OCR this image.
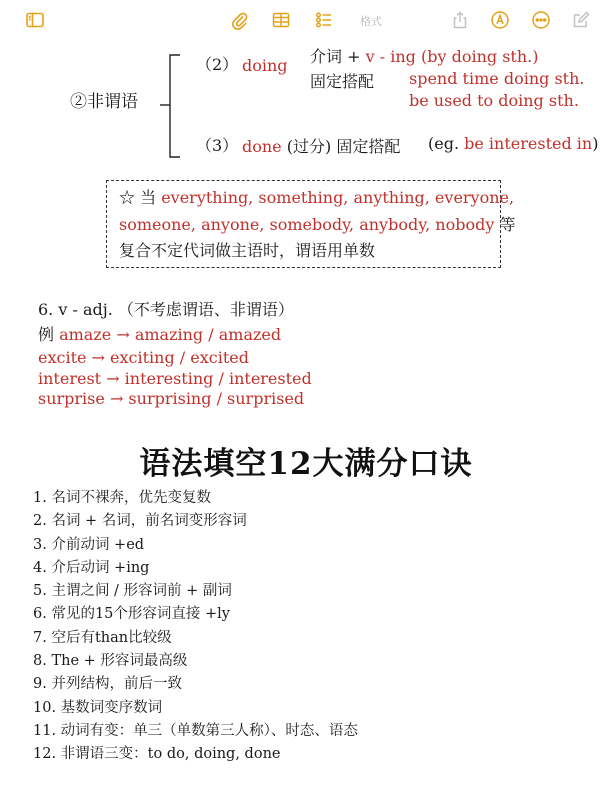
格式
②非谓语
（2） doing 介词 + v - ing (by doing sth.)
固定搭配 spend time doing sth.
be used to doing sth.
（3） done (过分) 固定搭配 (eg. be interested in)
☆ 当 everything, something, anything, everyone,
someone, anyone, somebody, anybody, nobody 等
复合不定代词做主语时，谓语用单数
6. v - adj. （不考虑谓语、非谓语）
例 amaze → amazing / amazed
excite → exciting / excited
interest → interesting / interested
surprise → surprising / surprised
语法填空12大满分口诀
1. 名词不裸奔，优先变复数
2. 名词 + 名词，前名词变形容词
3. 介前动词 +ed
4. 介后动词 +ing
5. 主谓之间 / 形容词前 + 副词
6. 常见的15个形容词直接 +ly
7. 空后有than比较级
8. The + 形容词最高级
9. 并列结构，前后一致
10. 基数词变序数词
11. 动词有变：单三（单数第三人称）、时态、语态
12. 非谓语三变：to do, doing, done
